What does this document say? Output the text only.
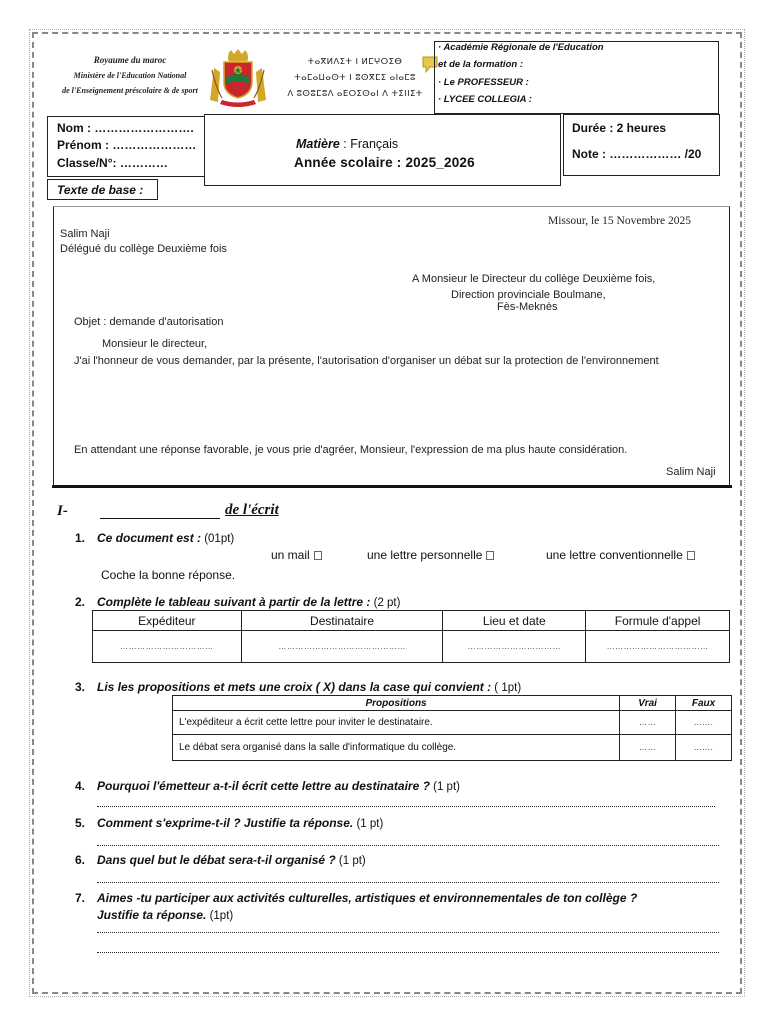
Royaume du maroc
Ministère de l'Education National
de l'Enseignement préscolaire & de sport
ⵜⴰⴳⵍⴷⵉⵜ ⵏ ⵍⵎⵖⵔⵉⴱ
ⵜⴰⵎⴰⵡⴰⵙⵜ ⵏ ⵓⵙⴳⵎⵉ ⴰⵏⴰⵎⵓ
ⴷ ⵓⵙⵓⵎⵓⴷ ⴰⴹⵔⵉⵙⴰⵏ ⴷ ⵜⵉⵏⵏⵉⵜ
· Académie Régionale de l'Education
et de la formation :
· Le PROFESSEUR :
· LYCEE COLLEGIA :
Nom : …………………….
Prénom : …………………
Classe/N°: …………
Matière : Français
Année scolaire : 2025_2026
Durée : 2 heures
Note : ……………… /20
Texte de base :
Missour, le 15 Novembre 2025
Salim Naji
Délégué du collège Deuxième fois
A Monsieur le Directeur du collège Deuxième fois,
Direction provinciale Boulmane,
Fès-Meknès
Objet : demande d'autorisation
Monsieur le directeur,
J'ai l'honneur de vous demander, par la présente, l'autorisation d'organiser un débat sur la protection de l'environnement
En attendant une réponse favorable, je vous prie d'agréer, Monsieur, l'expression de ma plus haute considération.
Salim Naji
I-	de l'écrit
1. Ce document est : (01pt)
un mail	une lettre personnelle	une lettre conventionnelle
Coche la bonne réponse.
2. Complète le tableau suivant à partir de la lettre : (2 pt)
Expéditeur	Destinataire	Lieu et date	Formule d'appel
……………………………	………………………………………	……………………………	………………………………
3. Lis les propositions et mets une croix ( X) dans la case qui convient : ( 1pt)
Propositions	Vrai	Faux
L'expéditeur a écrit cette lettre pour inviter le destinataire.	……	…….
Le débat sera organisé dans la salle d'informatique du collège.	……	…….
4. Pourquoi l'émetteur a-t-il écrit cette lettre au destinataire ? (1 pt)
5. Comment s'exprime-t-il ? Justifie ta réponse. (1 pt)
6. Dans quel but le débat sera-t-il organisé ? (1 pt)
7. Aimes -tu participer aux activités culturelles, artistiques et environnementales de ton collège ?
Justifie ta réponse. (1pt)
